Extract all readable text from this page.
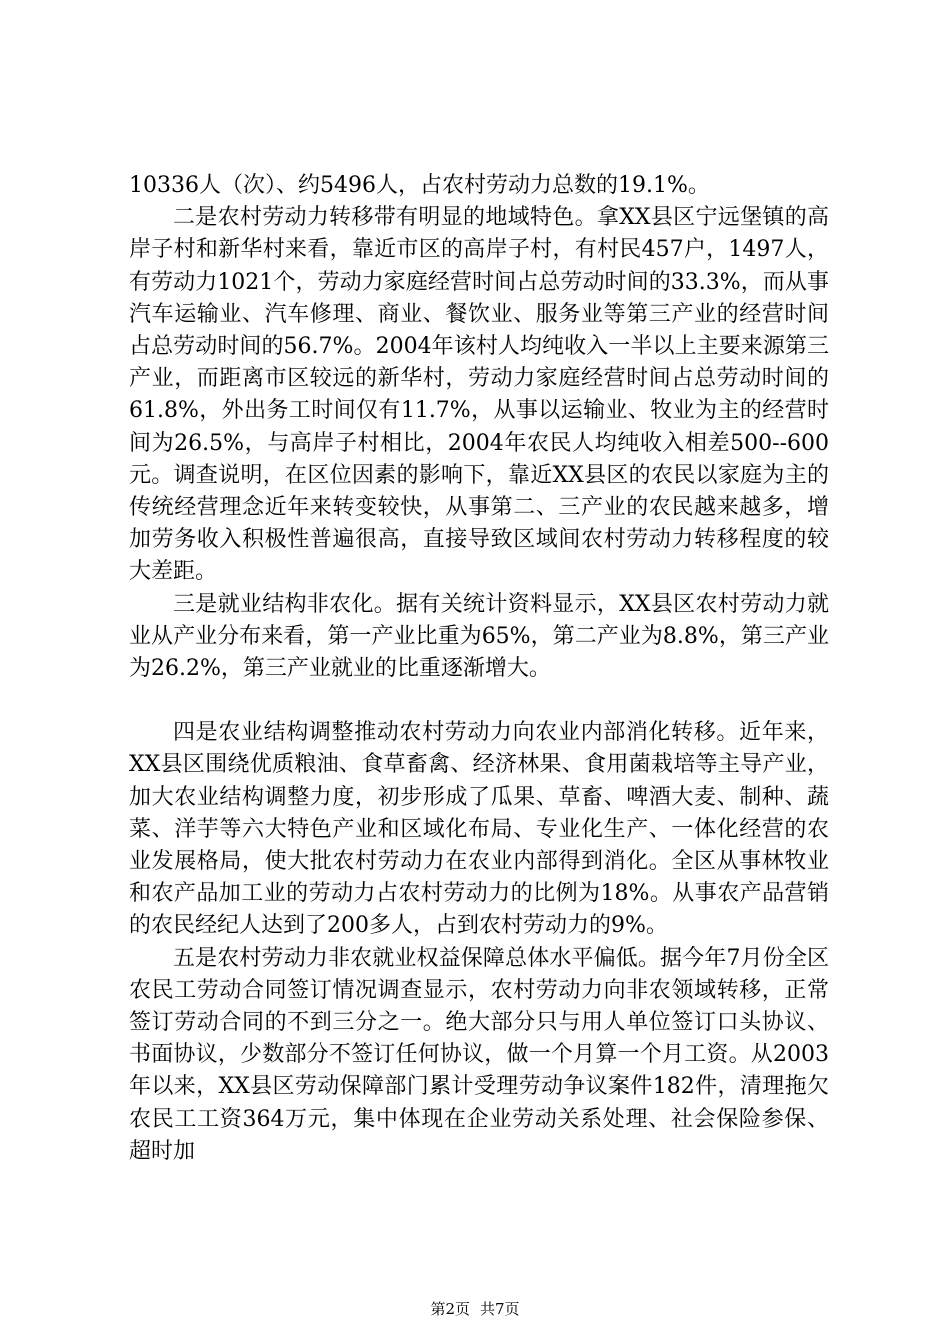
10336人（次）、约5496人，占农村劳动力总数的19.1%。

二是农村劳动力转移带有明显的地域特色。拿XX县区宁远堡镇的高岸子村和新华村来看，靠近市区的高岸子村，有村民457户，1497人，有劳动力1021个，劳动力家庭经营时间占总劳动时间的33.3%，而从事汽车运输业、汽车修理、商业、餐饮业、服务业等第三产业的经营时间占总劳动时间的56.7%。2004年该村人均纯收入一半以上主要来源第三产业，而距离市区较远的新华村，劳动力家庭经营时间占总劳动时间的61.8%，外出务工时间仅有11.7%，从事以运输业、牧业为主的经营时间为26.5%，与高岸子村相比，2004年农民人均纯收入相差500--600元。调查说明，在区位因素的影响下，靠近XX县区的农民以家庭为主的传统经营理念近年来转变较快，从事第二、三产业的农民越来越多，增加劳务收入积极性普遍很高，直接导致区域间农村劳动力转移程度的较大差距。

三是就业结构非农化。据有关统计资料显示，XX县区农村劳动力就业从产业分布来看，第一产业比重为65%，第二产业为8.8%，第三产业为26.2%，第三产业就业的比重逐渐增大。

四是农业结构调整推动农村劳动力向农业内部消化转移。近年来，XX县区围绕优质粮油、食草畜禽、经济林果、食用菌栽培等主导产业，加大农业结构调整力度，初步形成了瓜果、草畜、啤酒大麦、制种、蔬菜、洋芋等六大特色产业和区域化布局、专业化生产、一体化经营的农业发展格局，使大批农村劳动力在农业内部得到消化。全区从事林牧业和农产品加工业的劳动力占农村劳动力的比例为18%。从事农产品营销的农民经纪人达到了200多人，占到农村劳动力的9%。

五是农村劳动力非农就业权益保障总体水平偏低。据今年7月份全区农民工劳动合同签订情况调查显示，农村劳动力向非农领域转移，正常签订劳动合同的不到三分之一。绝大部分只与用人单位签订口头协议、书面协议，少数部分不签订任何协议，做一个月算一个月工资。从2003年以来，XX县区劳动保障部门累计受理劳动争议案件182件，清理拖欠农民工工资364万元，集中体现在企业劳动关系处理、社会保险参保、超时加

第2页 共7页
